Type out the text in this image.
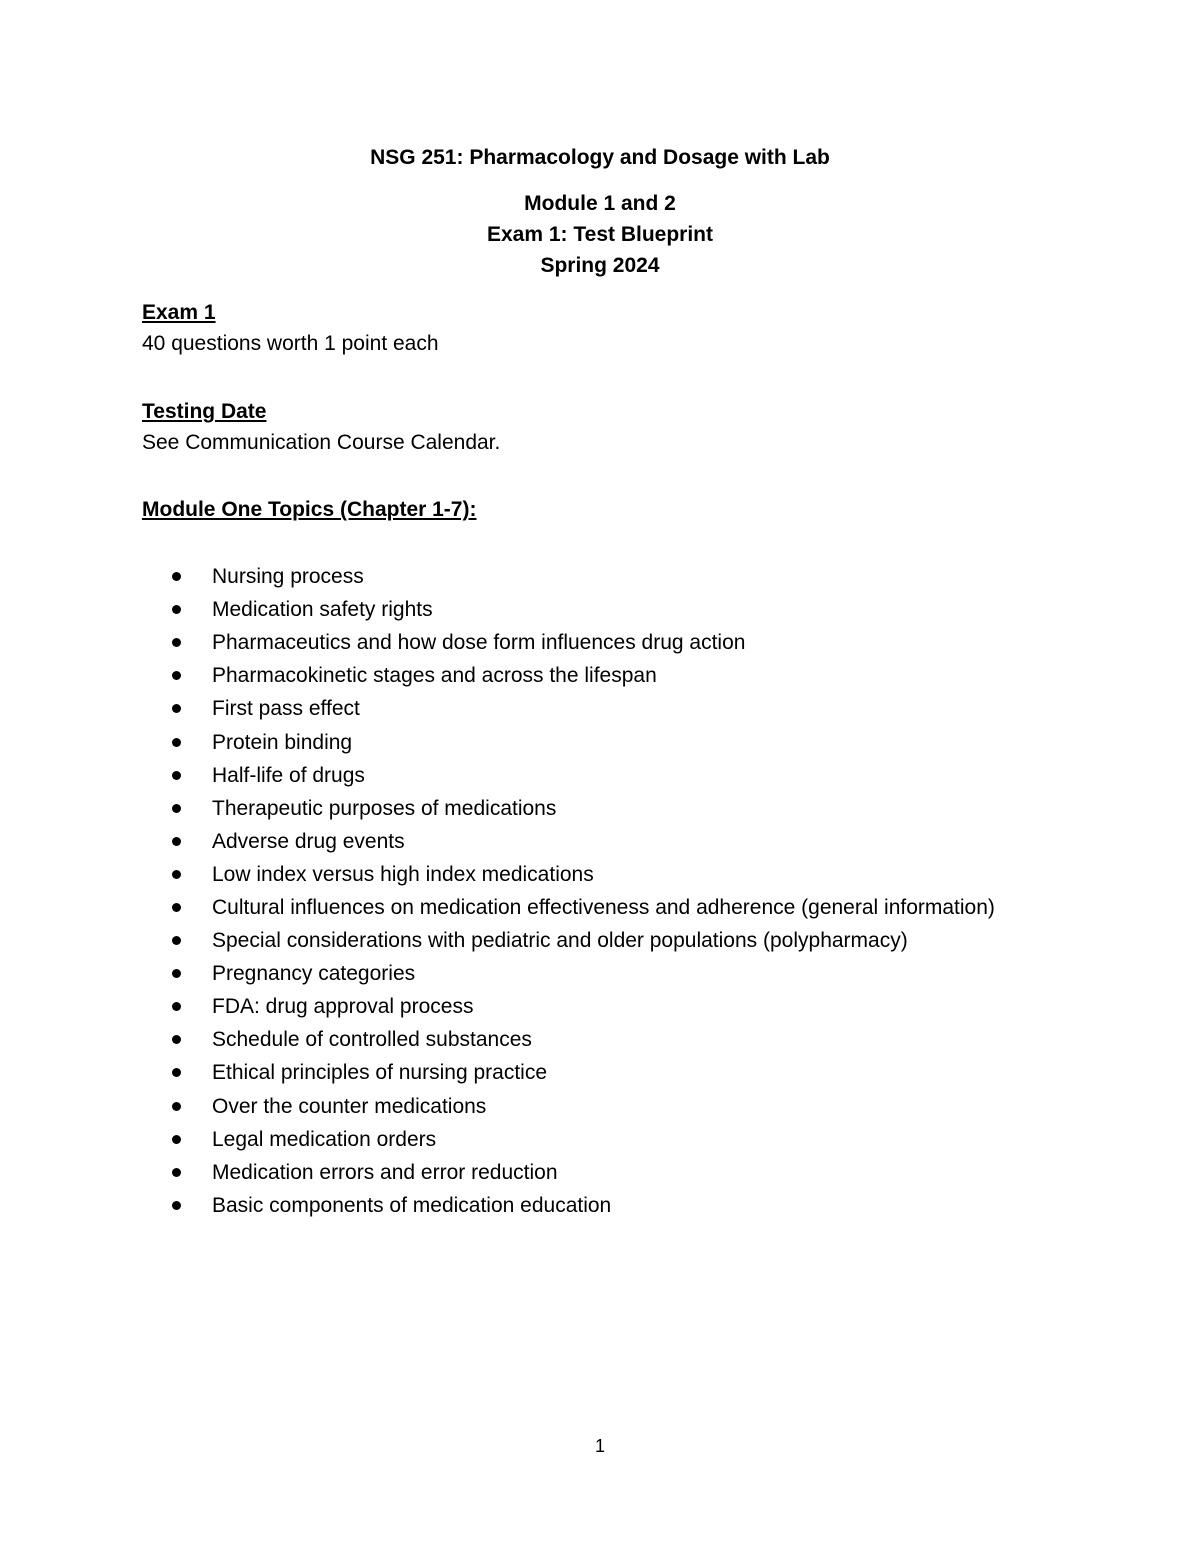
NSG 251: Pharmacology and Dosage with Lab
Module 1 and 2
Exam 1: Test Blueprint
Spring 2024
Exam 1
40 questions worth 1 point each
Testing Date
See Communication Course Calendar.
Module One Topics (Chapter 1-7):
Nursing process
Medication safety rights
Pharmaceutics and how dose form influences drug action
Pharmacokinetic stages and across the lifespan
First pass effect
Protein binding
Half-life of drugs
Therapeutic purposes of medications
Adverse drug events
Low index versus high index medications
Cultural influences on medication effectiveness and adherence (general information)
Special considerations with pediatric and older populations (polypharmacy)
Pregnancy categories
FDA: drug approval process
Schedule of controlled substances
Ethical principles of nursing practice
Over the counter medications
Legal medication orders
Medication errors and error reduction
Basic components of medication education
1
